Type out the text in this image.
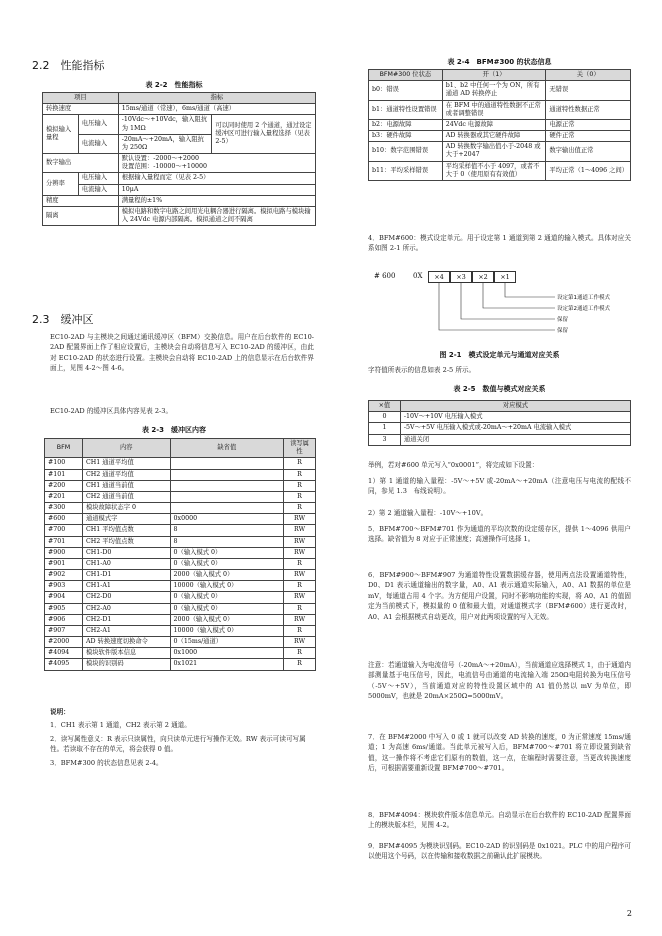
2.2　 性能指标
表 2-2　性能指标
项目		指标	
转换速度		15ms/通道（常速），6ms/通道（高速）	
模拟输入量程	电压输入	-10Vdc～+10Vdc，输入阻抗为 1MΩ	可以同时使用 2 个通道，通过设定缓冲区可进行输入量程选择（见表 2-5）
	电流输入	-20mA～+20mA，输入阻抗为 250Ω	
数字输出		默认设置：-2000～+2000
设置范围：-10000～+10000	

分辨率	电压输入	根据输入量程而定（见表 2-5）	
	电流输入	10μA	
精度		满量程的±1%	
隔离		模拟电路和数字电路之间用光电耦合器进行隔离。模拟电路与模块输入 24Vdc 电源内部隔离。模拟通道之间不隔离	
2.3　 缓冲区

EC10-2AD 与主模块之间通过通讯缓冲区（BFM）交换信息。用户在后台软件的 EC10-2AD 配置界面上作了相应设置后，主模块会自动将信息写入 EC10-2AD 的缓冲区，由此对 EC10-2AD 的状态进行设置。主模块会自动将 EC10-2AD 上的信息显示在后台软件界面上，见图 4-2～图 4-6。

EC10-2AD 的缓冲区具体内容见表 2-3。

表 2-3　缓冲区内容
BFM	内容	缺省值	读写属性
#100	CH1 通道平均值		R
#101	CH2 通道平均值		R
#200	CH1 通道当前值		R
#201	CH2 通道当前值		R
#300	模块故障状态字 0		R
#600	通道模式字	0x0000	RW
#700	CH1 平均值点数	8	RW
#701	CH2 平均值点数	8	RW
#900	CH1-D0	0（输入模式 0）	RW
#901	CH1-A0	0（输入模式 0）	R
#902	CH1-D1	2000（输入模式 0）	RW
#903	CH1-A1	10000（输入模式 0）	R
#904	CH2-D0	0（输入模式 0）	RW
#905	CH2-A0	0（输入模式 0）	R
#906	CH2-D1	2000（输入模式 0）	RW
#907	CH2-A1	10000（输入模式 0）	R
#2000	AD 转换速度切换命令	0（15ms/通道）	RW
#4094	模块软件版本信息	0x1000	R
#4095	模块的识别码	0x1021	R

说明：

1．CH1 表示第 1 通道，CH2 表示第 2 通道。

2．读写属性意义：R 表示只读属性，向只读单元进行写操作无效。RW 表示可读可写属性。若读取不存在的单元，将会获得 0 值。

3．BFM#300 的状态信息见表 2-4。

表 2-4　BFM#300 的状态信息
BFM#300 位状态	开（1）	关（0）
b0：错误	b1、b2 中任何一个为 ON，所有通道 AD 转换停止	无错误
b1：通道特性设置错误	在 BFM 中的通道特性数据不正常或者调整错误	通道特性数据正常
b2：电源故障	24Vdc 电源故障	电源正常
b3：硬件故障	AD 转换器或其它硬件故障	硬件正常
b10：数字范围错误	AD 转换数字输出值小于-2048 或大于+2047	数字输出值正常
b11：平均采样错误	平均采样值不小于 4097，或者不大于 0（使用原有有效值）	平均正常（1～4096 之间）

4．BFM#600：模式设定单元。用于设定第 1 通道到第 2 通道的输入模式。具体对应关系如图 2-1 所示。

# 600	0X	×4	×3	×2	×1
设定第1通道工作模式
设定第2通道工作模式
保留
保留
图 2-1　模式设定单元与通道对应关系

字符值所表示的信息如表 2-5 所示。

表 2-5　数值与模式对应关系
×值	对应模式
0	-10V～+10V 电压输入模式
1	-5V～+5V 电压输入模式或-20mA～+20mA 电流输入模式
3	通道关闭

举例，若对#600 单元写入“0x0001”，将完成如下设置：

1）第 1 通道的输入量程：-5V～+5V 或-20mA～+20mA（注意电压与电流的配线不同，参见 1.3　布线说明）。

2）第 2 通道输入量程：-10V～+10V。

5．BFM#700～BFM#701 作为通道的平均次数的设定缓存区，提供 1～4096 供用户选择。缺省值为 8 对应于正常速度；高速操作可选择 1。

6．BFM#900～BFM#907 为通道特性设置数据缓存器，使用两点法设置通道特性，D0、D1 表示通道输出的数字量，A0、A1 表示通道实际输入，A0、A1 数据的单位是 mV，每通道占用 4 个字。为方便用户设置，同时不影响功能的实现，将 A0、A1 的值固定为当前模式下，模拟量的 0 值和最大值，对通道模式字（BFM#600）进行更改时，A0、A1 会根据模式自动更改，用户对此两项设置的写入无效。

注意：若通道输入为电流信号（-20mA～+20mA），当前通道应选择模式 1，由于通道内部测量基于电压信号，因此，电流信号由通道的电流输入端 250Ω电阻转换为电压信号（-5V～+5V），当前通道对应的特性设置区域中的 A1 值仍然以 mV 为单位，即 5000mV，也就是 20mA×250Ω=5000mV。

7．在 BFM#2000 中写入 0 或 1 就可以改变 AD 转换的速度，0 为正常速度 15ms/通道；1 为高速 6ms/通道。当此单元被写入后，BFM#700～#701 将立即设置到缺省值，这一操作将不考虑它们原有的数值，这一点，在编程时需要注意，当更改转换速度后，可根据需要重新设置 BFM#700～#701。

8．BFM#4094：模块软件版本信息单元。自动显示在后台软件的 EC10-2AD 配置界面上的模块版本栏，见图 4-2。

9．BFM#4095 为模块识别码。EC10-2AD 的识别码是 0x1021。PLC 中的用户程序可以使用这个号码，以在传输和接收数据之前确认此扩展模块。

2
